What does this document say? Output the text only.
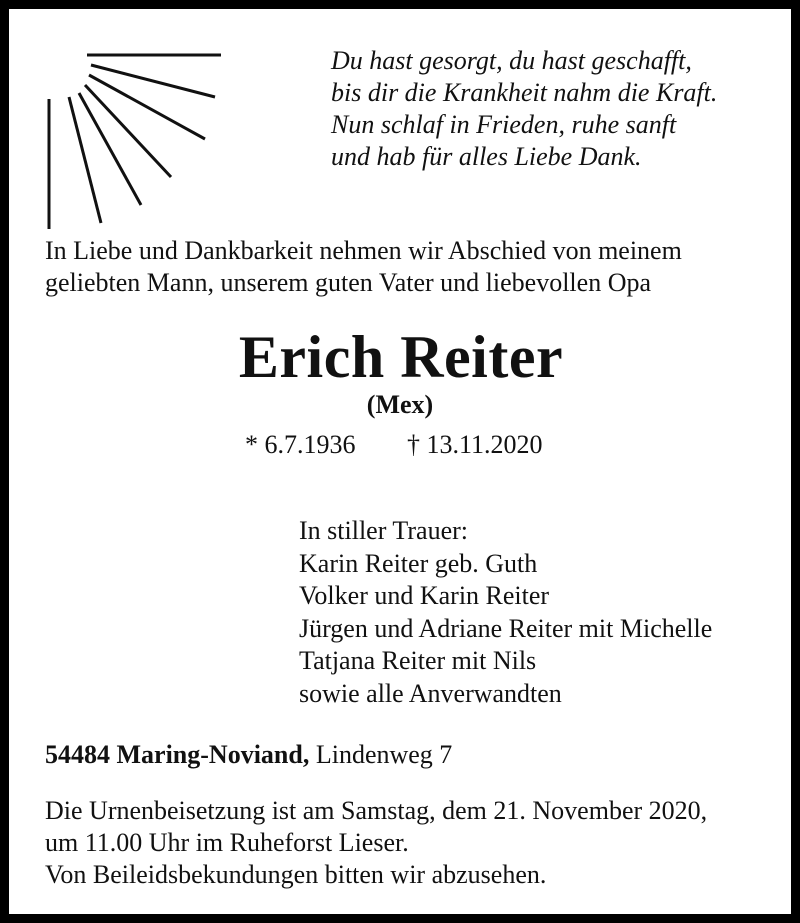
Du hast gesorgt, du hast geschafft,
bis dir die Krankheit nahm die Kraft.
Nun schlaf in Frieden, ruhe sanft
und hab für alles Liebe Dank.
In Liebe und Dankbarkeit nehmen wir Abschied von meinem
geliebten Mann, unserem guten Vater und liebevollen Opa
Erich Reiter
(Mex)
* 6.7.1936 † 13.11.2020
In stiller Trauer:
Karin Reiter geb. Guth
Volker und Karin Reiter
Jürgen und Adriane Reiter mit Michelle
Tatjana Reiter mit Nils
sowie alle Anverwandten
54484 Maring-Noviand, Lindenweg 7
Die Urnenbeisetzung ist am Samstag, dem 21. November 2020,
um 11.00 Uhr im Ruheforst Lieser.
Von Beileidsbekundungen bitten wir abzusehen.
